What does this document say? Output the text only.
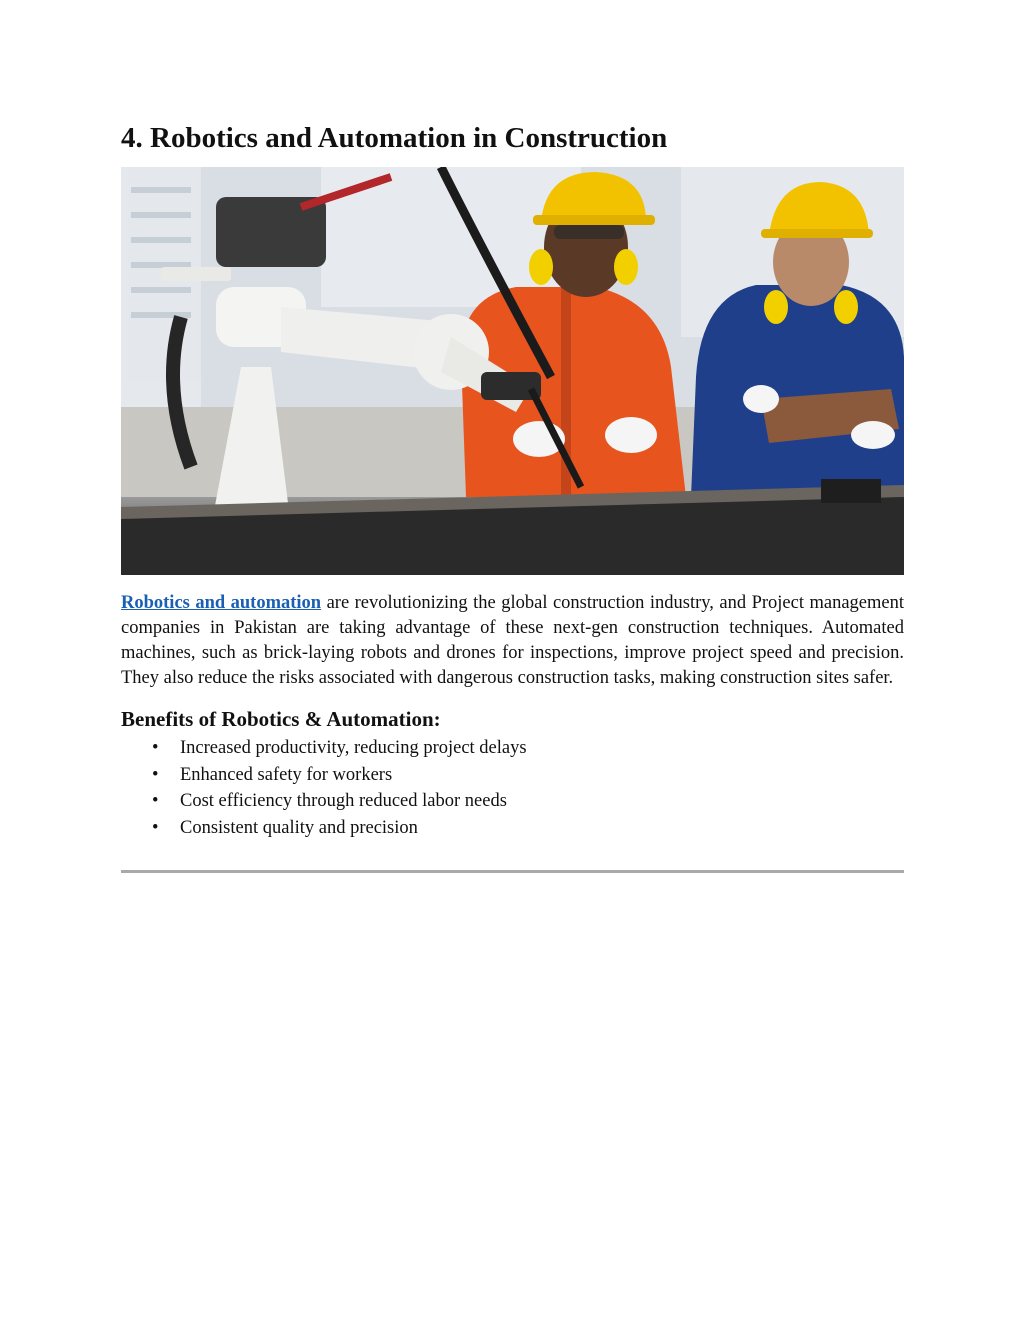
4. Robotics and Automation in Construction

Robotics and automation are revolutionizing the global construction industry, and Project management companies in Pakistan are taking advantage of these next-gen construction techniques. Automated machines, such as brick-laying robots and drones for inspections, improve project speed and precision. They also reduce the risks associated with dangerous construction tasks, making construction sites safer.

Benefits of Robotics & Automation:
• Increased productivity, reducing project delays
• Enhanced safety for workers
• Cost efficiency through reduced labor needs
• Consistent quality and precision
